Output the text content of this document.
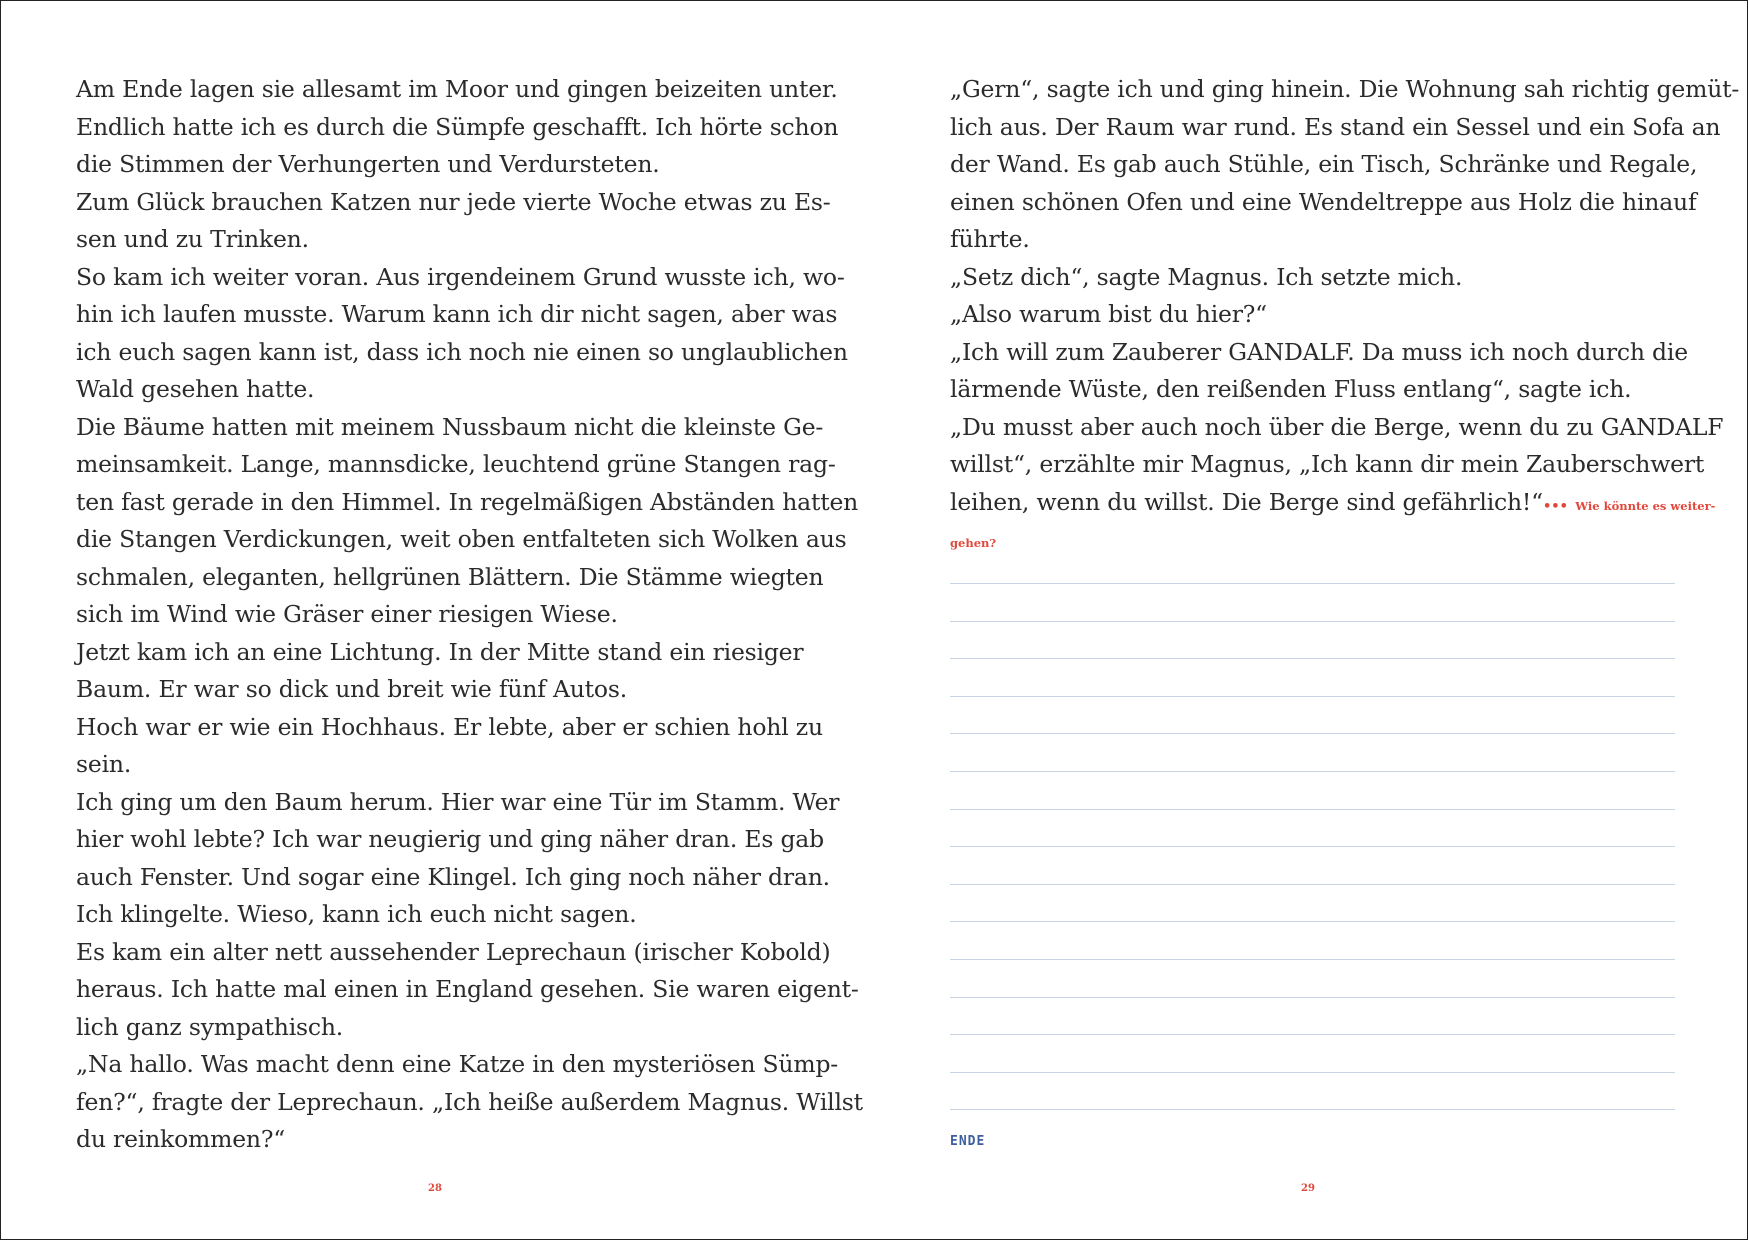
Am Ende lagen sie allesamt im Moor und gingen beizeiten unter.
Endlich hatte ich es durch die Sümpfe geschafft. Ich hörte schon
die Stimmen der Verhungerten und Verdursteten.
Zum Glück brauchen Katzen nur jede vierte Woche etwas zu Es-
sen und zu Trinken.
So kam ich weiter voran. Aus irgendeinem Grund wusste ich, wo-
hin ich laufen musste. Warum kann ich dir nicht sagen, aber was
ich euch sagen kann ist, dass ich noch nie einen so unglaublichen
Wald gesehen hatte.
Die Bäume hatten mit meinem Nussbaum nicht die kleinste Ge-
meinsamkeit. Lange, mannsdicke, leuchtend grüne Stangen rag-
ten fast gerade in den Himmel. In regelmäßigen Abständen hatten
die Stangen Verdickungen, weit oben entfalteten sich Wolken aus
schmalen, eleganten, hellgrünen Blättern. Die Stämme wiegten
sich im Wind wie Gräser einer riesigen Wiese.
Jetzt kam ich an eine Lichtung. In der Mitte stand ein riesiger
Baum. Er war so dick und breit wie fünf Autos.
Hoch war er wie ein Hochhaus. Er lebte, aber er schien hohl zu
sein.
Ich ging um den Baum herum. Hier war eine Tür im Stamm. Wer
hier wohl lebte? Ich war neugierig und ging näher dran. Es gab
auch Fenster. Und sogar eine Klingel. Ich ging noch näher dran.
Ich klingelte. Wieso, kann ich euch nicht sagen.
Es kam ein alter nett aussehender Leprechaun (irischer Kobold)
heraus. Ich hatte mal einen in England gesehen. Sie waren eigent-
lich ganz sympathisch.
„Na hallo. Was macht denn eine Katze in den mysteriösen Sümp-
fen?“, fragte der Leprechaun. „Ich heiße außerdem Magnus. Willst
du reinkommen?“
28
„Gern“, sagte ich und ging hinein. Die Wohnung sah richtig gemüt-
lich aus. Der Raum war rund. Es stand ein Sessel und ein Sofa an
der Wand. Es gab auch Stühle, ein Tisch, Schränke und Regale,
einen schönen Ofen und eine Wendeltreppe aus Holz die hinauf
führte.
„Setz dich“, sagte Magnus. Ich setzte mich.
„Also warum bist du hier?“
„Ich will zum Zauberer GANDALF. Da muss ich noch durch die
lärmende Wüste, den reißenden Fluss entlang“, sagte ich.
„Du musst aber auch noch über die Berge, wenn du zu GANDALF
willst“, erzählte mir Magnus, „Ich kann dir mein Zauberschwert
leihen, wenn du willst. Die Berge sind gefährlich!“••• Wie könnte es weiter-
gehen?
ENDE
29
